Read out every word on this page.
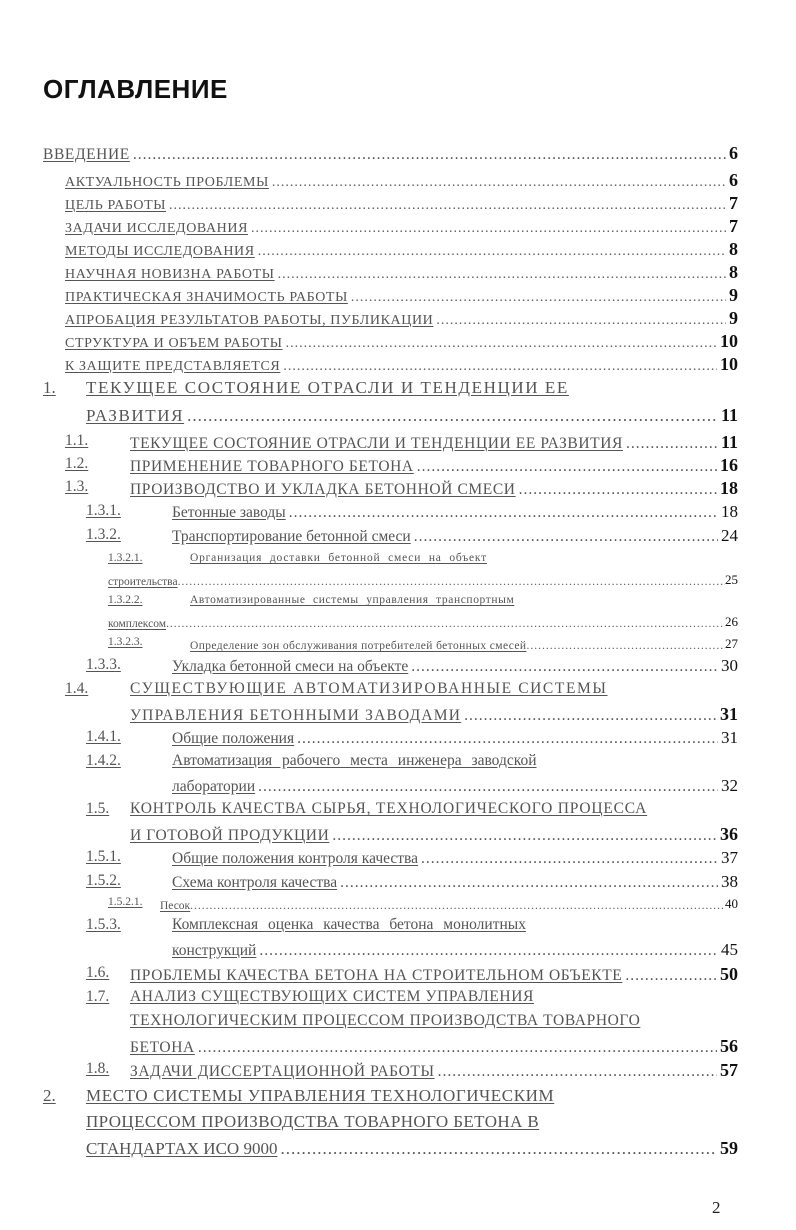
ОГЛАВЛЕНИЕ
ВВЕДЕНИЕ .....	6
АКТУАЛЬНОСТЬ ПРОБЛЕМЫ .....	6
ЦЕЛЬ РАБОТЫ .....	7
ЗАДАЧИ ИССЛЕДОВАНИЯ .....	7
МЕТОДЫ ИССЛЕДОВАНИЯ .....	8
НАУЧНАЯ НОВИЗНА РАБОТЫ .....	8
ПРАКТИЧЕСКАЯ ЗНАЧИМОСТЬ РАБОТЫ .....	9
АПРОБАЦИЯ РЕЗУЛЬТАТОВ РАБОТЫ, ПУБЛИКАЦИИ .....	9
СТРУКТУРА И ОБЪЕМ РАБОТЫ .....	10
К ЗАЩИТЕ ПРЕДСТАВЛЯЕТСЯ .....	10
1. ТЕКУЩЕЕ СОСТОЯНИЕ ОТРАСЛИ И ТЕНДЕНЦИИ ЕЕ
РАЗВИТИЯ .....	11
1.1.	ТЕКУЩЕЕ СОСТОЯНИЕ ОТРАСЛИ И ТЕНДЕНЦИИ ЕЕ РАЗВИТИЯ .....	11
1.2.	ПРИМЕНЕНИЕ ТОВАРНОГО БЕТОНА .....	16
1.3.	ПРОИЗВОДСТВО И УКЛАДКА БЕТОННОЙ СМЕСИ .....	18
1.3.1.	Бетонные заводы .....	18
1.3.2.	Транспортирование бетонной смеси .....	24
1.3.2.1.	Организация доставки бетонной смеси на объект
строительства .....	25
1.3.2.2.	Автоматизированные системы управления транспортным
комплексом .....	26
1.3.2.3.	Определение зон обслуживания потребителей бетонных смесей .....	27
1.3.3.	Укладка бетонной смеси на объекте .....	30
1.4.	СУЩЕСТВУЮЩИЕ АВТОМАТИЗИРОВАННЫЕ СИСТЕМЫ
УПРАВЛЕНИЯ БЕТОННЫМИ ЗАВОДАМИ .....	31
1.4.1.	Общие положения .....	31
1.4.2.	Автоматизация рабочего места инженера заводской
лаборатории .....	32
1.5. КОНТРОЛЬ КАЧЕСТВА СЫРЬЯ, ТЕХНОЛОГИЧЕСКОГО ПРОЦЕССА
И ГОТОВОЙ ПРОДУКЦИИ .....	36
1.5.1.	Общие положения контроля качества .....	37
1.5.2.	Схема контроля качества .....	38
1.5.2.1. Песок .....	40
1.5.3.	Комплексная оценка качества бетона монолитных
конструкций .....	45
1.6. ПРОБЛЕМЫ КАЧЕСТВА БЕТОНА НА СТРОИТЕЛЬНОМ ОБЪЕКТЕ .....	50
1.7. АНАЛИЗ СУЩЕСТВУЮЩИХ СИСТЕМ УПРАВЛЕНИЯ
ТЕХНОЛОГИЧЕСКИМ ПРОЦЕССОМ ПРОИЗВОДСТВА ТОВАРНОГО
БЕТОНА .....	56
1.8. ЗАДАЧИ ДИССЕРТАЦИОННОЙ РАБОТЫ .....	57
2. МЕСТО СИСТЕМЫ УПРАВЛЕНИЯ ТЕХНОЛОГИЧЕСКИМ
ПРОЦЕССОМ ПРОИЗВОДСТВА ТОВАРНОГО БЕТОНА В
СТАНДАРТАХ ИСО 9000 .....	59
2
